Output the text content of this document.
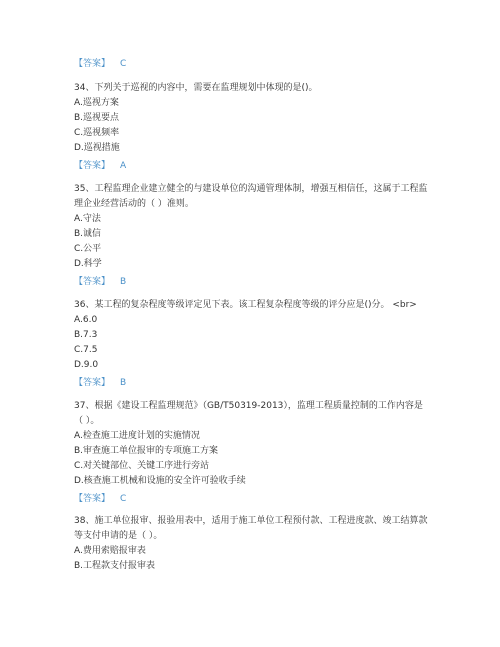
【答案】 C
34、下列关于巡视的内容中，需要在监理规划中体现的是()。
A.巡视方案
B.巡视要点
C.巡视频率
D.巡视措施
【答案】 A
35、工程监理企业建立健全的与建设单位的沟通管理体制，增强互相信任，这属于工程监
理企业经营活动的（ ）准则。
A.守法
B.诚信
C.公平
D.科学
【答案】 B
36、某工程的复杂程度等级评定见下表。该工程复杂程度等级的评分应是()分。 <br>
A.6.0
B.7.3
C.7.5
D.9.0
【答案】 B
37、根据《建设工程监理规范》（GB/T50319-2013），监理工程质量控制的工作内容是
（ ）。
A.检查施工进度计划的实施情况
B.审查施工单位报审的专项施工方案
C.对关键部位、关键工序进行旁站
D.核查施工机械和设施的安全许可验收手续
【答案】 C
38、施工单位报审、报验用表中，适用于施工单位工程预付款、工程进度款、竣工结算款
等支付申请的是（ ）。
A.费用索赔报审表
B.工程款支付报审表
